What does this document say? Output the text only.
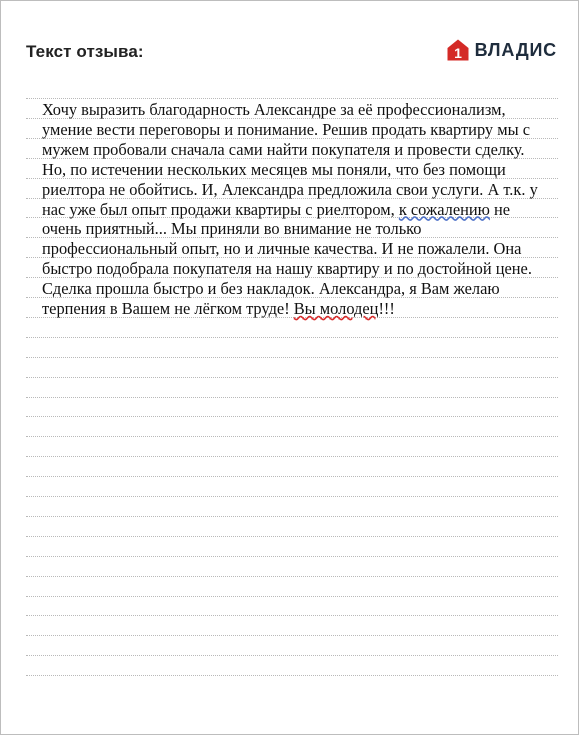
Текст отзыва:	1 ВЛАДИС

Хочу выразить благодарность Александре за её профессионализм, умение вести переговоры и понимание. Решив продать квартиру мы с мужем пробовали сначала сами найти покупателя и провести сделку. Но, по истечении нескольких месяцев мы поняли, что без помощи риелтора не обойтись. И, Александра предложила свои услуги. А т.к. у нас уже был опыт продажи квартиры с риелтором, к сожалению не очень приятный... Мы приняли во внимание не только профессиональный опыт, но и личные качества. И не пожалели. Она быстро подобрала покупателя на нашу квартиру и по достойной цене. Сделка прошла быстро и без накладок. Александра, я Вам желаю терпения в Вашем не лёгком труде! Вы молодец!!!
